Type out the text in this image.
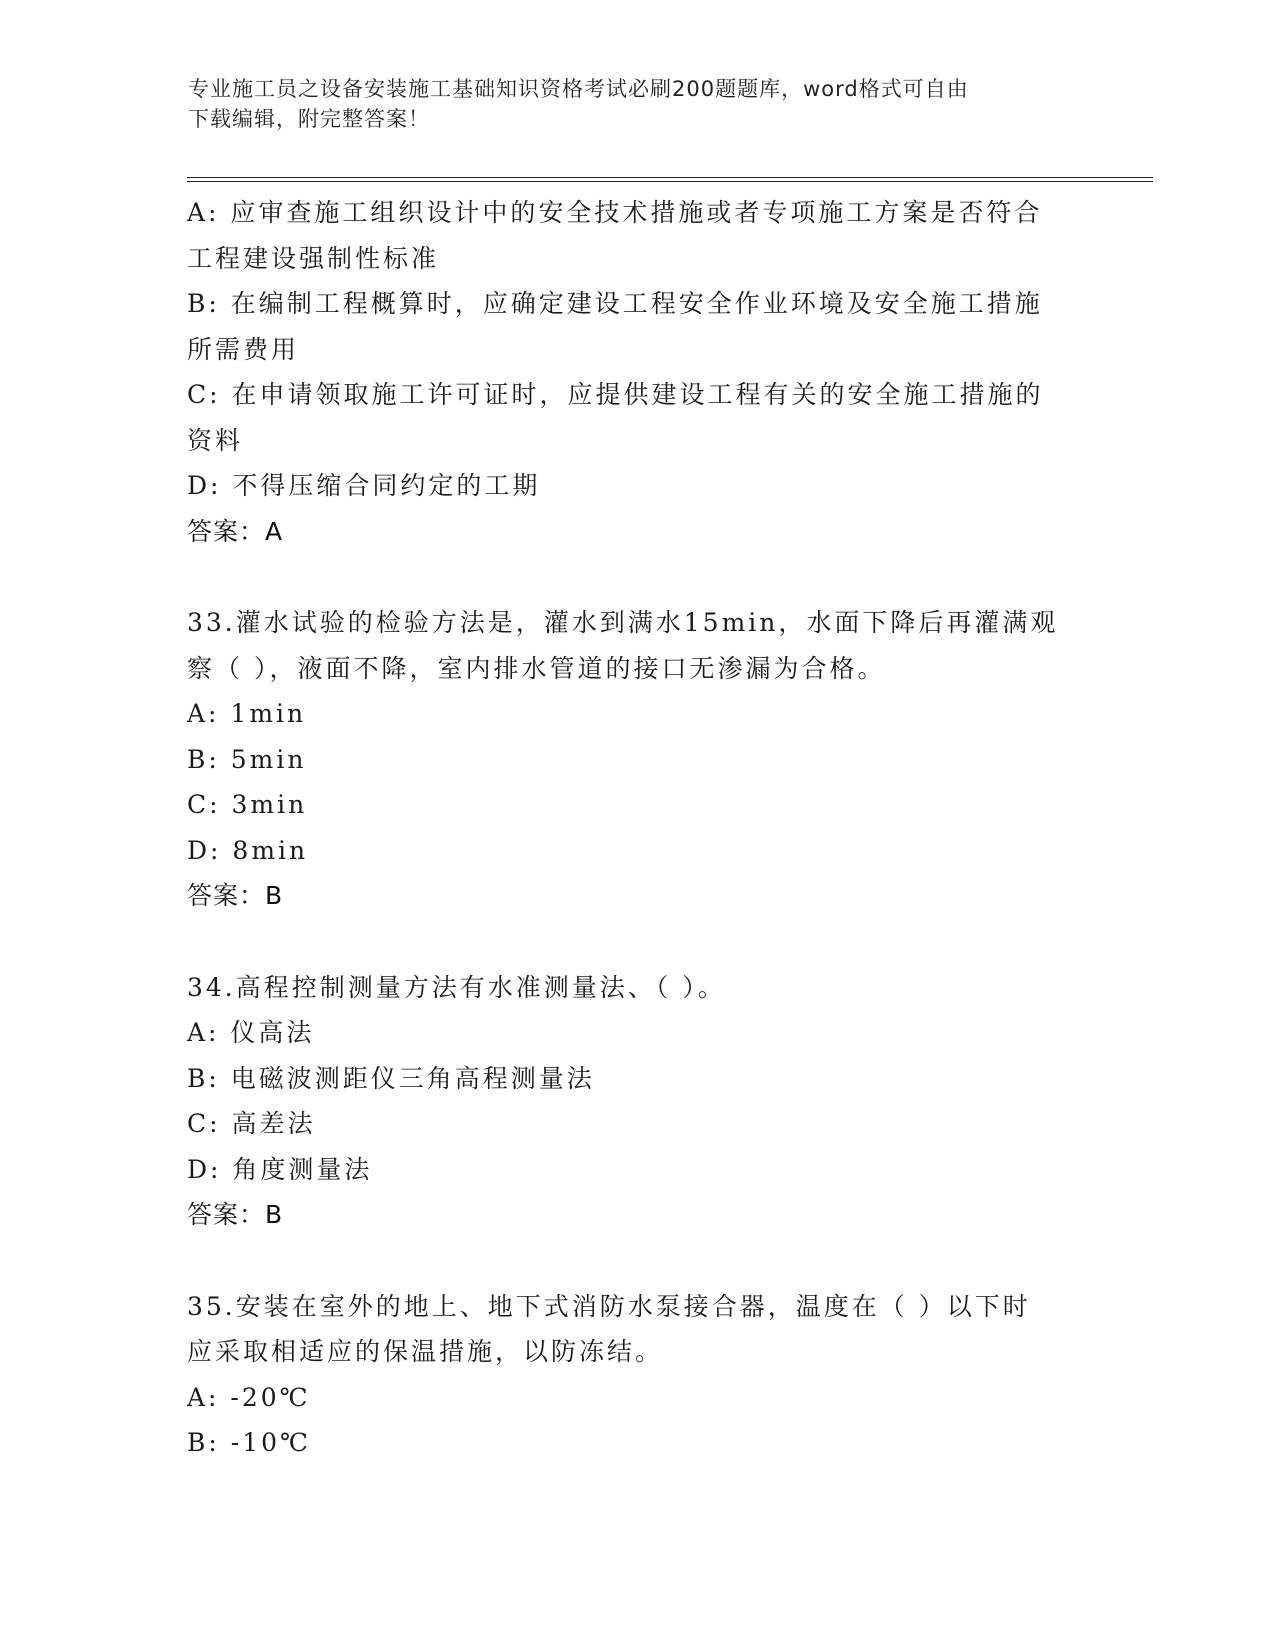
专业施工员之设备安装施工基础知识资格考试必刷200题题库，word格式可自由
下载编辑，附完整答案！
A: 应审查施工组织设计中的安全技术措施或者专项施工方案是否符合
工程建设强制性标准
B: 在编制工程概算时，应确定建设工程安全作业环境及安全施工措施
所需费用
C: 在申请领取施工许可证时，应提供建设工程有关的安全施工措施的
资料
D: 不得压缩合同约定的工期
答案：A
33.灌水试验的检验方法是，灌水到满水15min，水面下降后再灌满观
察（ ），液面不降，室内排水管道的接口无渗漏为合格。
A: 1min
B: 5min
C: 3min
D: 8min
答案：B
34.高程控制测量方法有水准测量法、（ ）。
A: 仪高法
B: 电磁波测距仪三角高程测量法
C: 高差法
D: 角度测量法
答案：B
35.安装在室外的地上、地下式消防水泵接合器，温度在（ ）以下时
应采取相适应的保温措施，以防冻结。
A: -20℃
B: -10℃
